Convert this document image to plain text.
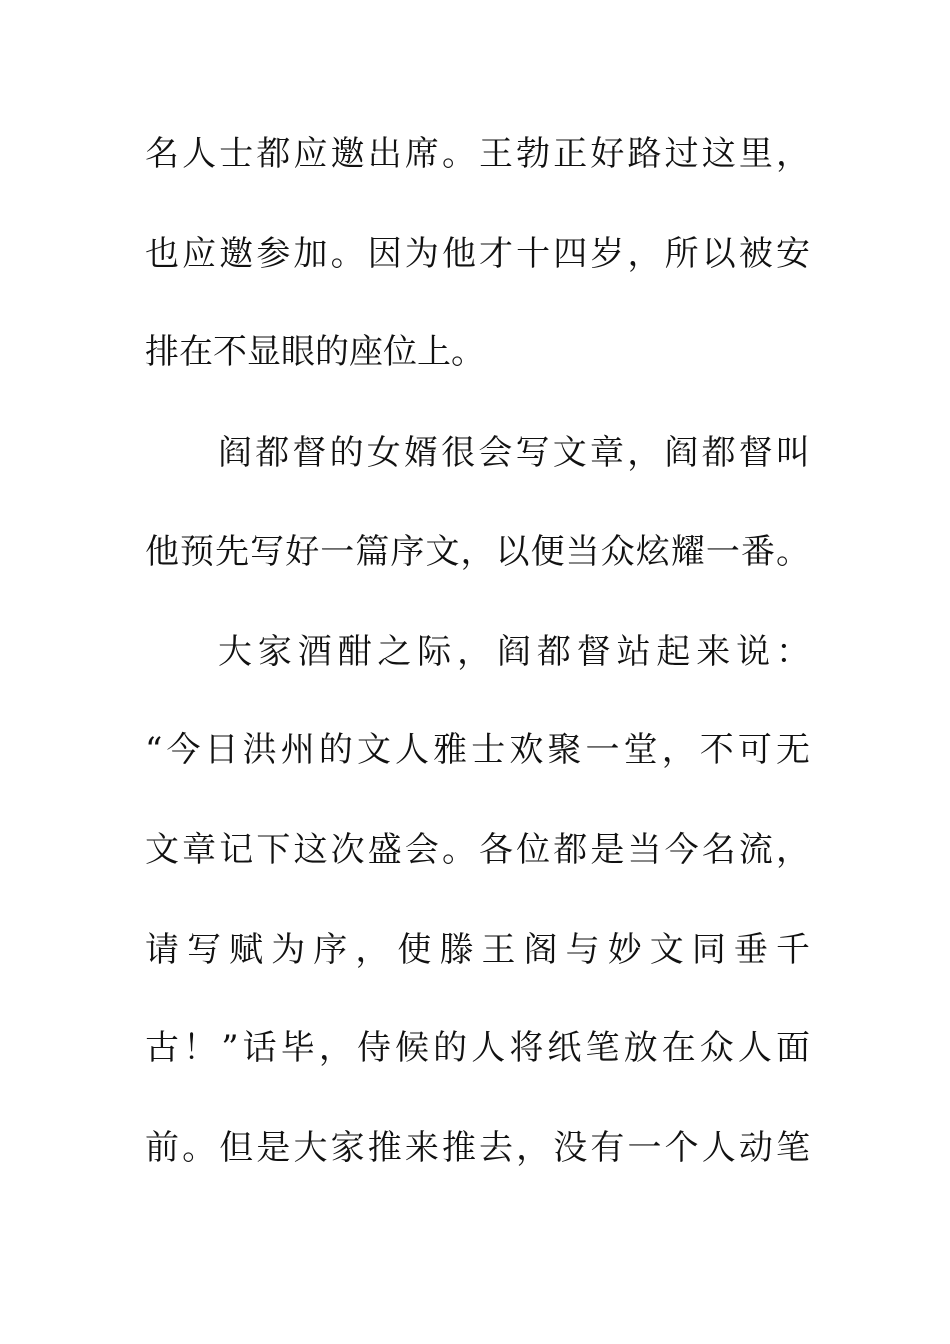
名人士都应邀出席。王勃正好路过这里，
也应邀参加。因为他才十四岁，所以被安
排在不显眼的座位上。
阎都督的女婿很会写文章，阎都督叫
他预先写好一篇序文，以便当众炫耀一番。
大家酒酣之际，阎都督站起来说：
“今日洪州的文人雅士欢聚一堂，不可无
文章记下这次盛会。各位都是当今名流，
请写赋为序，使滕王阁与妙文同垂千
古！”话毕，侍候的人将纸笔放在众人面
前。但是大家推来推去，没有一个人动笔
